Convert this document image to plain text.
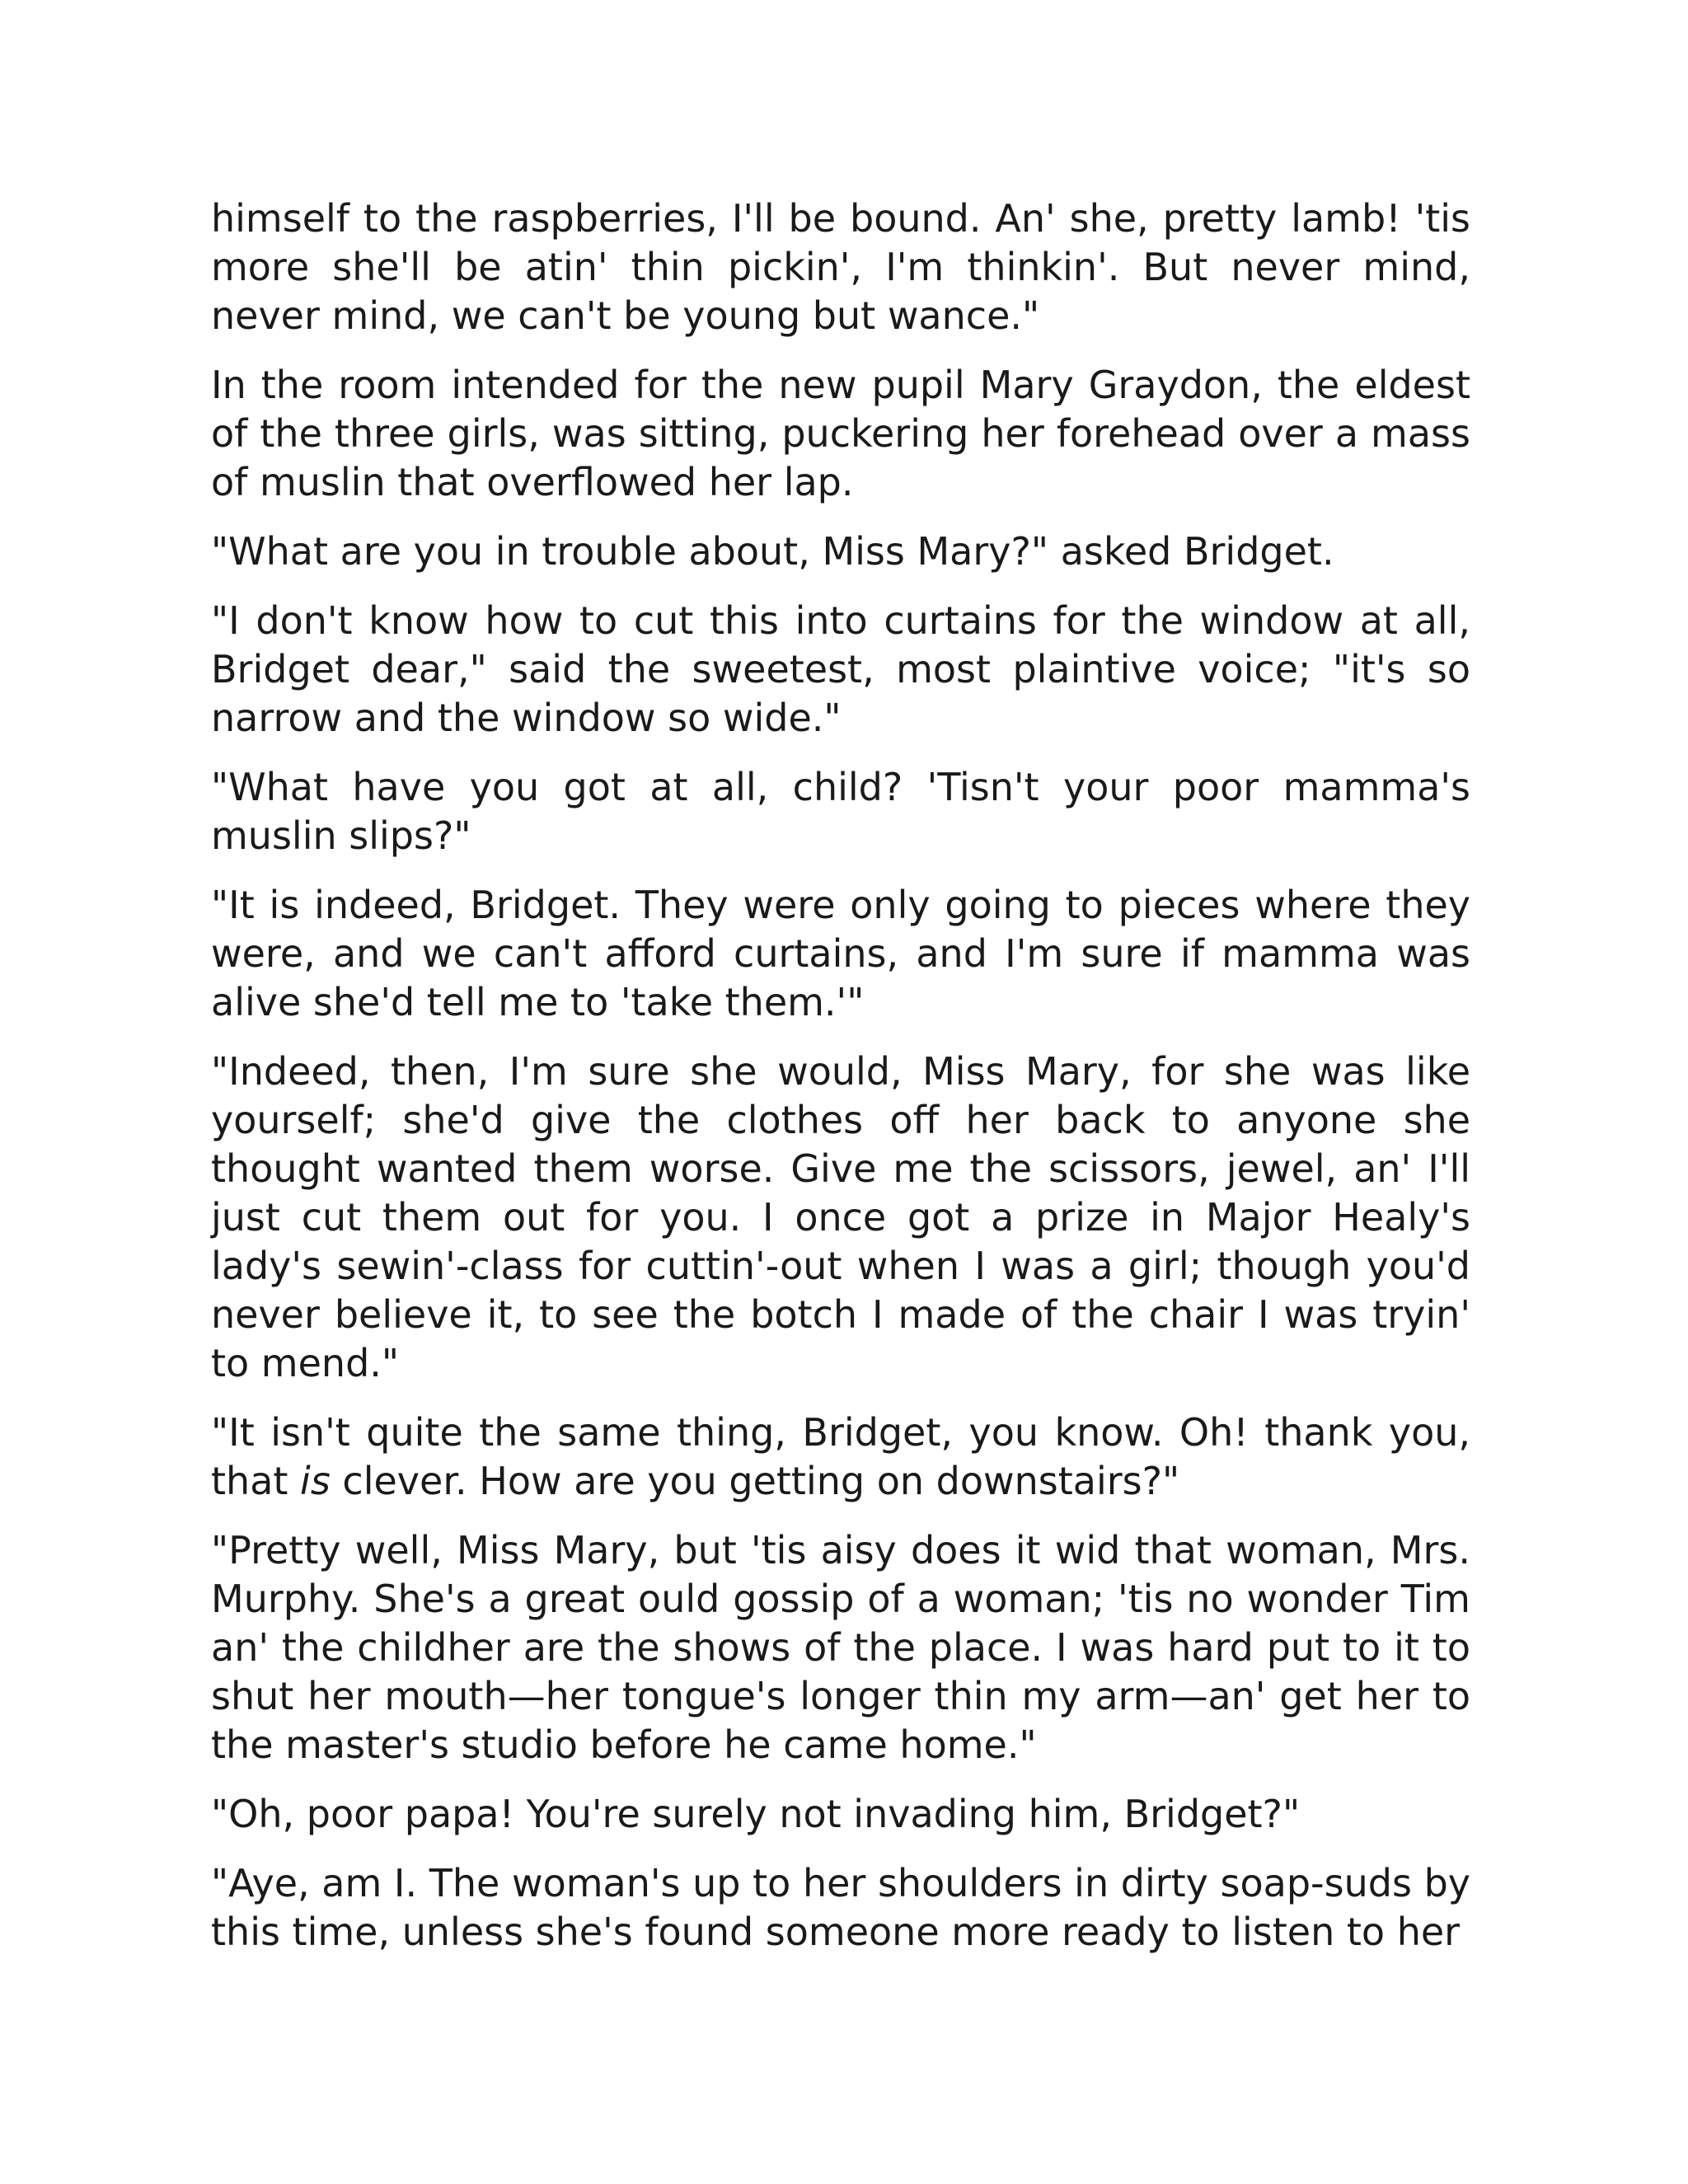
himself to the raspberries, I'll be bound. An' she, pretty lamb! 'tis more she'll be atin' thin pickin', I'm thinkin'. But never mind, never mind, we can't be young but wance."

In the room intended for the new pupil Mary Graydon, the eldest of the three girls, was sitting, puckering her forehead over a mass of muslin that overflowed her lap.

"What are you in trouble about, Miss Mary?" asked Bridget.

"I don't know how to cut this into curtains for the window at all, Bridget dear," said the sweetest, most plaintive voice; "it's so narrow and the window so wide."

"What have you got at all, child? 'Tisn't your poor mamma's muslin slips?"

"It is indeed, Bridget. They were only going to pieces where they were, and we can't afford curtains, and I'm sure if mamma was alive she'd tell me to 'take them.'"

"Indeed, then, I'm sure she would, Miss Mary, for she was like yourself; she'd give the clothes off her back to anyone she thought wanted them worse. Give me the scissors, jewel, an' I'll just cut them out for you. I once got a prize in Major Healy's lady's sewin'-class for cuttin'-out when I was a girl; though you'd never believe it, to see the botch I made of the chair I was tryin' to mend."

"It isn't quite the same thing, Bridget, you know. Oh! thank you, that is clever. How are you getting on downstairs?"

"Pretty well, Miss Mary, but 'tis aisy does it wid that woman, Mrs. Murphy. She's a great ould gossip of a woman; 'tis no wonder Tim an' the childher are the shows of the place. I was hard put to it to shut her mouth—her tongue's longer thin my arm—an' get her to the master's studio before he came home."

"Oh, poor papa! You're surely not invading him, Bridget?"

"Aye, am I. The woman's up to her shoulders in dirty soap-suds by this time, unless she's found someone more ready to listen to her
